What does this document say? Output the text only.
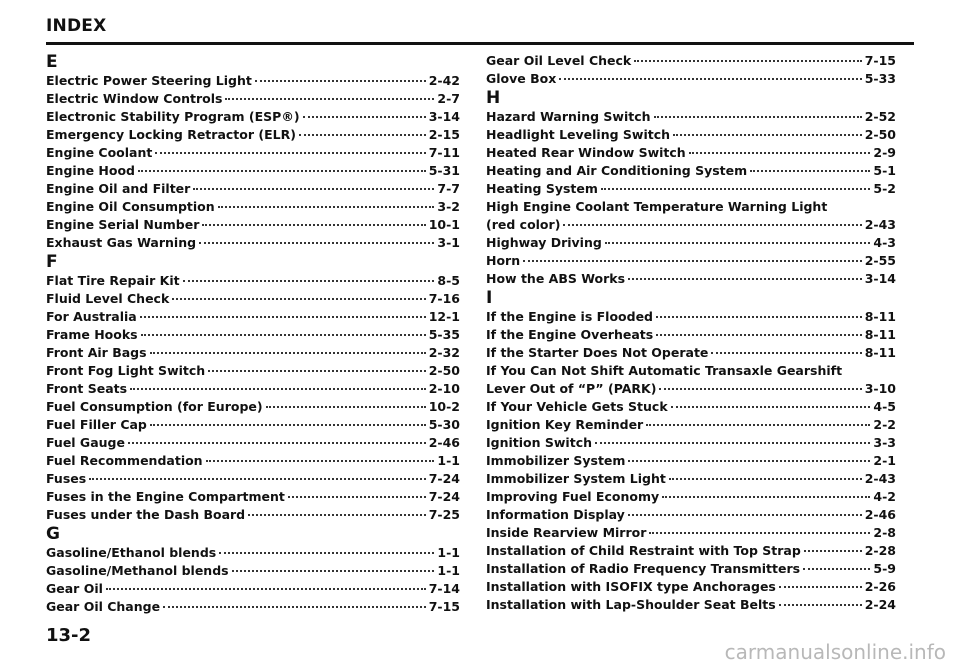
INDEX
E
Electric Power Steering Light	2-42
Electric Window Controls	2-7
Electronic Stability Program (ESP®)	3-14
Emergency Locking Retractor (ELR)	2-15
Engine Coolant	7-11
Engine Hood	5-31
Engine Oil and Filter	7-7
Engine Oil Consumption	3-2
Engine Serial Number	10-1
Exhaust Gas Warning	3-1
F
Flat Tire Repair Kit	8-5
Fluid Level Check	7-16
For Australia	12-1
Frame Hooks	5-35
Front Air Bags	2-32
Front Fog Light Switch	2-50
Front Seats	2-10
Fuel Consumption (for Europe)	10-2
Fuel Filler Cap	5-30
Fuel Gauge	2-46
Fuel Recommendation	1-1
Fuses	7-24
Fuses in the Engine Compartment	7-24
Fuses under the Dash Board	7-25
G
Gasoline/Ethanol blends	1-1
Gasoline/Methanol blends	1-1
Gear Oil	7-14
Gear Oil Change	7-15
Gear Oil Level Check	7-15
Glove Box	5-33
H
Hazard Warning Switch	2-52
Headlight Leveling Switch	2-50
Heated Rear Window Switch	2-9
Heating and Air Conditioning System	5-1
Heating System	5-2
High Engine Coolant Temperature Warning Light
(red color)	2-43
Highway Driving	4-3
Horn	2-55
How the ABS Works	3-14
I
If the Engine is Flooded	8-11
If the Engine Overheats	8-11
If the Starter Does Not Operate	8-11
If You Can Not Shift Automatic Transaxle Gearshift
Lever Out of “P” (PARK)	3-10
If Your Vehicle Gets Stuck	4-5
Ignition Key Reminder	2-2
Ignition Switch	3-3
Immobilizer System	2-1
Immobilizer System Light	2-43
Improving Fuel Economy	4-2
Information Display	2-46
Inside Rearview Mirror	2-8
Installation of Child Restraint with Top Strap	2-28
Installation of Radio Frequency Transmitters	5-9
Installation with ISOFIX type Anchorages	2-26
Installation with Lap-Shoulder Seat Belts	2-24
13-2
carmanualsonline.info
